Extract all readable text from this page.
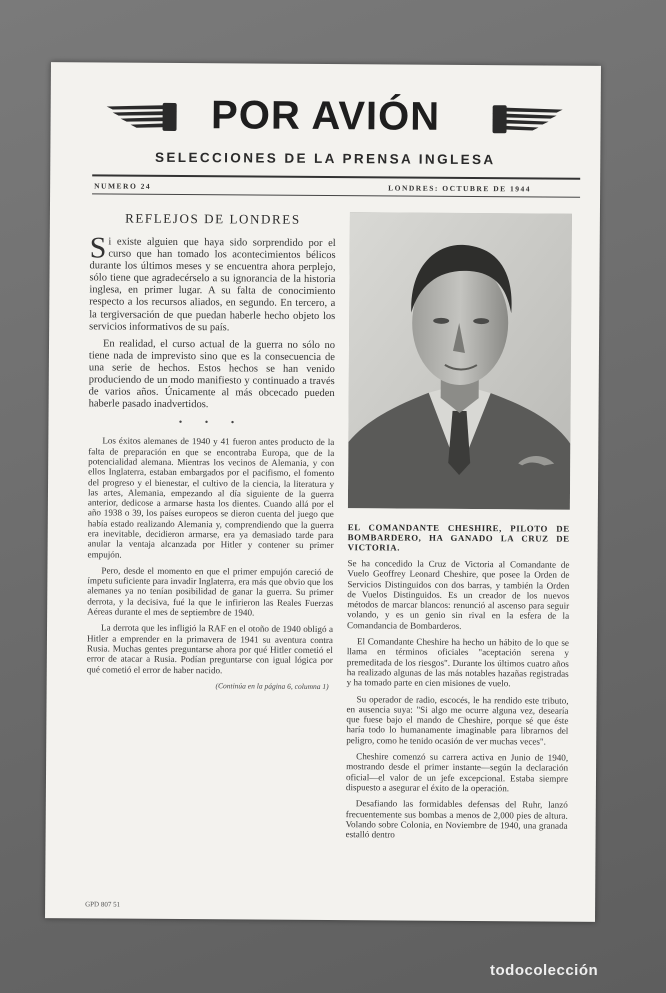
POR AVIÓN
SELECCIONES DE LA PRENSA INGLESA
NUMERO 24	LONDRES: OCTUBRE DE 1944
REFLEJOS DE LONDRES

Si existe alguien que haya sido sorprendido por el curso que han tomado los acontecimientos bélicos durante los últimos meses y se encuentra ahora perplejo, sólo tiene que agradecérselo a su ignorancia de la historia inglesa, en primer lugar. A su falta de conocimiento respecto a los recursos aliados, en segundo. En tercero, a la tergiversación de que puedan haberle hecho objeto los servicios informativos de su país.

En realidad, el curso actual de la guerra no sólo no tiene nada de imprevisto sino que es la consecuencia de una serie de hechos. Estos hechos se han venido produciendo de un modo manifiesto y continuado a través de varios años. Únicamente al más obcecado pueden haberle pasado inadvertidos.

• • •

Los éxitos alemanes de 1940 y 41 fueron antes producto de la falta de preparación en que se encontraba Europa, que de la potencialidad alemana. Mientras los vecinos de Alemania, y con ellos Inglaterra, estaban embargados por el pacifismo, el fomento del progreso y el bienestar, el cultivo de la ciencia, la literatura y las artes, Alemania, empezando al día siguiente de la guerra anterior, dedicose a armarse hasta los dientes. Cuando allá por el año 1938 o 39, los países europeos se dieron cuenta del juego que había estado realizando Alemania y, comprendiendo que la guerra era inevitable, decidieron armarse, era ya demasiado tarde para anular la ventaja alcanzada por Hitler y contener su primer empujón.

Pero, desde el momento en que el primer empujón careció de ímpetu suficiente para invadir Inglaterra, era más que obvio que los alemanes ya no tenían posibilidad de ganar la guerra. Su primer derrota, y la decisiva, fué la que le infirieron las Reales Fuerzas Aéreas durante el mes de septiembre de 1940.

La derrota que les infligió la RAF en el otoño de 1940 obligó a Hitler a emprender en la primavera de 1941 su aventura contra Rusia. Muchas gentes preguntarse ahora por qué Hitler cometió el error de atacar a Rusia. Podían preguntarse con igual lógica por qué cometió el error de haber nacido.

(Continúa en la página 6, columna 1)

EL COMANDANTE CHESHIRE, PILOTO DE BOMBARDERO, HA GANADO LA CRUZ DE VICTORIA.

Se ha concedido la Cruz de Victoria al Comandante de Vuelo Geoffrey Leonard Cheshire, que posee la Orden de Servicios Distinguidos con dos barras, y también la Orden de Vuelos Distinguidos. Es un creador de los nuevos métodos de marcar blancos: renunció al ascenso para seguir volando, y es un genio sin rival en la esfera de la Comandancia de Bombarderos.

El Comandante Cheshire ha hecho un hábito de lo que se llama en términos oficiales "aceptación serena y premeditada de los riesgos". Durante los últimos cuatro años ha realizado algunas de las más notables hazañas registradas y ha tomado parte en cien misiones de vuelo.

Su operador de radio, escocés, le ha rendido este tributo, en ausencia suya: "Si algo me ocurre alguna vez, desearía que fuese bajo el mando de Cheshire, porque sé que éste haría todo lo humanamente imaginable para librarnos del peligro, como he tenido ocasión de ver muchas veces".

Cheshire comenzó su carrera activa en Junio de 1940, mostrando desde el primer instante—según la declaración oficial—el valor de un jefe excepcional. Estaba siempre dispuesto a asegurar el éxito de la operación.

Desafiando las formidables defensas del Ruhr, lanzó frecuentemente sus bombas a menos de 2,000 pies de altura. Volando sobre Colonia, en Noviembre de 1940, una granada estalló dentro

GPD 807 51
todocolección
